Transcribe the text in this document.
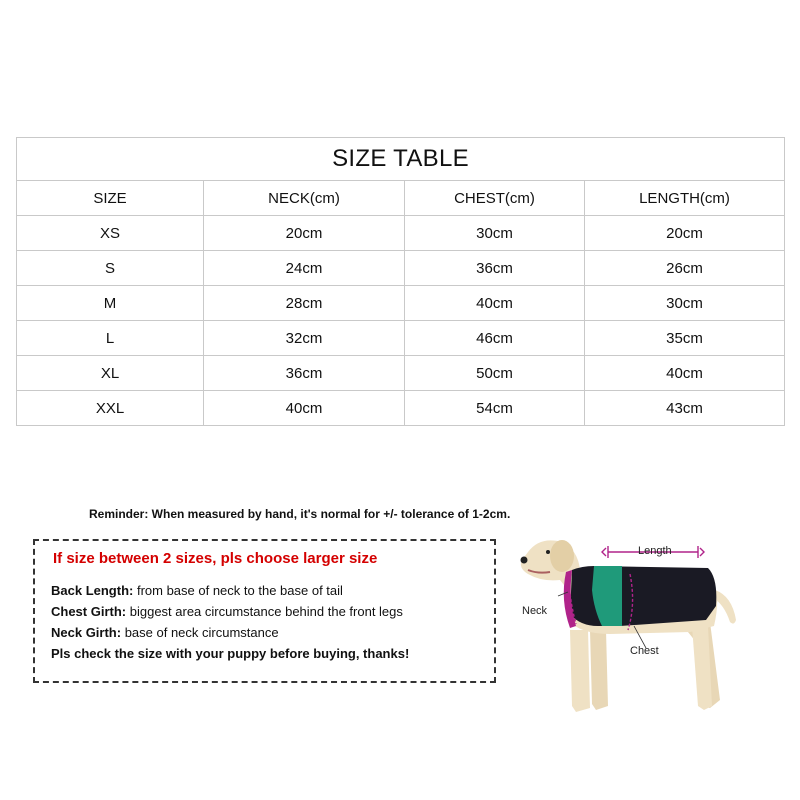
SIZE TABLE			
SIZE	NECK(cm)	CHEST(cm)	LENGTH(cm)
XS	20cm	30cm	20cm
S	24cm	36cm	26cm
M	28cm	40cm	30cm
L	32cm	46cm	35cm
XL	36cm	50cm	40cm
XXL	40cm	54cm	43cm
Reminder: When measured by hand, it's normal for +/- tolerance of 1-2cm.
If size between 2 sizes, pls choose larger size
Back Length: from base of neck to the base of tail
Chest Girth: biggest area circumstance behind the front legs
Neck Girth: base of neck circumstance
Pls check the size with your puppy before buying, thanks!
Length
Neck
Chest
